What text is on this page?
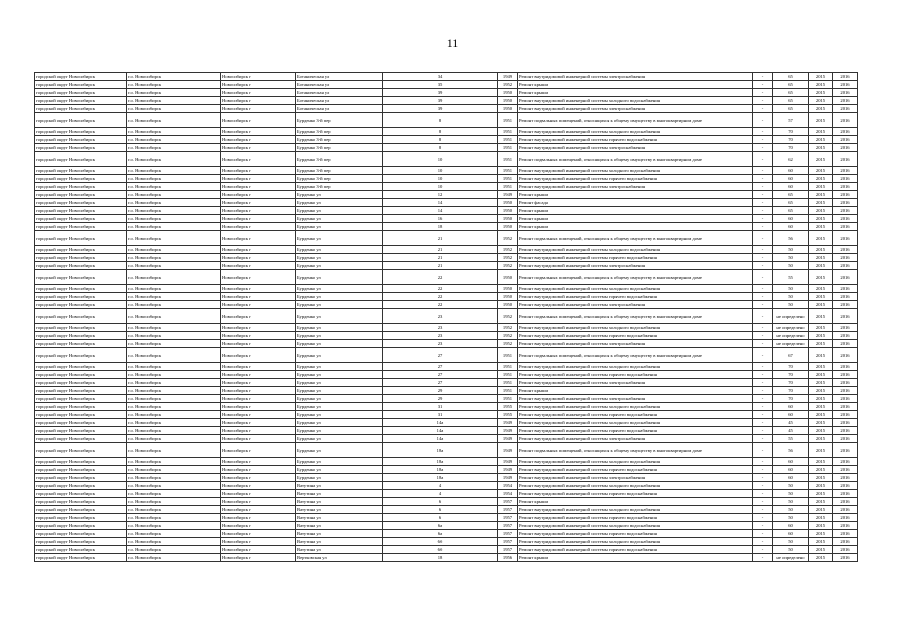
11
городской округ Новосибирск	г.о. Новосибирск	Новосибирск г	Ботаническая ул	34	1949	Ремонт внутридомовой инженерной системы электроснабжения	-	65	2015	2016
городской округ Новосибирск	г.о. Новосибирск	Новосибирск г	Ботаническая ул	35	1952	Ремонт крыши	-	65	2015	2016
городской округ Новосибирск	г.о. Новосибирск	Новосибирск г	Ботаническая ул	39	1950	Ремонт крыши	-	65	2015	2016
городской округ Новосибирск	г.о. Новосибирск	Новосибирск г	Ботаническая ул	39	1950	Ремонт внутридомовой инженерной системы холодного водоснабжения	-	65	2015	2016
городской округ Новосибирск	г.о. Новосибирск	Новосибирск г	Ботаническая ул	39	1950	Ремонт внутридомовой инженерной системы электроснабжения	-	65	2015	2016
городской округ Новосибирск	г.о. Новосибирск	Новосибирск г	Бурденко 3-й пер	8	1951	Ремонт подвальных помещений, относящихся к общему имуществу в многоквартирном доме	-	57	2015	2016
городской округ Новосибирск	г.о. Новосибирск	Новосибирск г	Бурденко 3-й пер	8	1951	Ремонт внутридомовой инженерной системы холодного водоснабжения	-	70	2015	2016
городской округ Новосибирск	г.о. Новосибирск	Новосибирск г	Бурденко 3-й пер	8	1951	Ремонт внутридомовой инженерной системы горячего водоснабжения	-	70	2015	2016
городской округ Новосибирск	г.о. Новосибирск	Новосибирск г	Бурденко 3-й пер	8	1951	Ремонт внутридомовой инженерной системы электроснабжения	-	70	2015	2016
городской округ Новосибирск	г.о. Новосибирск	Новосибирск г	Бурденко 3-й пер	10	1951	Ремонт подвальных помещений, относящихся к общему имуществу в многоквартирном доме	-	62	2015	2016
городской округ Новосибирск	г.о. Новосибирск	Новосибирск г	Бурденко 3-й пер	10	1951	Ремонт внутридомовой инженерной системы холодного водоснабжения	-	60	2015	2016
городской округ Новосибирск	г.о. Новосибирск	Новосибирск г	Бурденко 3-й пер	10	1951	Ремонт внутридомовой инженерной системы горячего водоснабжения	-	60	2015	2016
городской округ Новосибирск	г.о. Новосибирск	Новосибирск г	Бурденко 3-й пер	10	1951	Ремонт внутридомовой инженерной системы электроснабжения	-	60	2015	2016
городской округ Новосибирск	г.о. Новосибирск	Новосибирск г	Бурденко ул	12	1949	Ремонт крыши	-	65	2015	2016
городской округ Новосибирск	г.о. Новосибирск	Новосибирск г	Бурденко ул	14	1950	Ремонт фасада	-	65	2015	2016
городской округ Новосибирск	г.о. Новосибирск	Новосибирск г	Бурденко ул	14	1950	Ремонт крыши	-	65	2015	2016
городской округ Новосибирск	г.о. Новосибирск	Новосибирск г	Бурденко ул	16	1950	Ремонт крыши	-	60	2015	2016
городской округ Новосибирск	г.о. Новосибирск	Новосибирск г	Бурденко ул	18	1950	Ремонт крыши	-	60	2015	2016
городской округ Новосибирск	г.о. Новосибирск	Новосибирск г	Бурденко ул	21	1952	Ремонт подвальных помещений, относящихся к общему имуществу в многоквартирном доме	-	56	2015	2016
городской округ Новосибирск	г.о. Новосибирск	Новосибирск г	Бурденко ул	21	1952	Ремонт внутридомовой инженерной системы холодного водоснабжения	-	50	2015	2016
городской округ Новосибирск	г.о. Новосибирск	Новосибирск г	Бурденко ул	21	1952	Ремонт внутридомовой инженерной системы горячего водоснабжения	-	50	2015	2016
городской округ Новосибирск	г.о. Новосибирск	Новосибирск г	Бурденко ул	21	1952	Ремонт внутридомовой инженерной системы электроснабжения	-	50	2015	2016
городской округ Новосибирск	г.о. Новосибирск	Новосибирск г	Бурденко ул	22	1950	Ремонт подвальных помещений, относящихся к общему имуществу в многоквартирном доме	-	55	2015	2016
городской округ Новосибирск	г.о. Новосибирск	Новосибирск г	Бурденко ул	22	1950	Ремонт внутридомовой инженерной системы холодного водоснабжения	-	50	2015	2016
городской округ Новосибирск	г.о. Новосибирск	Новосибирск г	Бурденко ул	22	1950	Ремонт внутридомовой инженерной системы горячего водоснабжения	-	50	2015	2016
городской округ Новосибирск	г.о. Новосибирск	Новосибирск г	Бурденко ул	22	1950	Ремонт внутридомовой инженерной системы электроснабжения	-	50	2015	2016
городской округ Новосибирск	г.о. Новосибирск	Новосибирск г	Бурденко ул	23	1952	Ремонт подвальных помещений, относящихся к общему имуществу в многоквартирном доме	-	не определено	2015	2016
городской округ Новосибирск	г.о. Новосибирск	Новосибирск г	Бурденко ул	23	1952	Ремонт внутридомовой инженерной системы холодного водоснабжения	-	не определено	2015	2016
городской округ Новосибирск	г.о. Новосибирск	Новосибирск г	Бурденко ул	23	1952	Ремонт внутридомовой инженерной системы горячего водоснабжения	-	не определено	2015	2016
городской округ Новосибирск	г.о. Новосибирск	Новосибирск г	Бурденко ул	23	1952	Ремонт внутридомовой инженерной системы электроснабжения	-	не определено	2015	2016
городской округ Новосибирск	г.о. Новосибирск	Новосибирск г	Бурденко ул	27	1951	Ремонт подвальных помещений, относящихся к общему имуществу в многоквартирном доме	-	67	2015	2016
городской округ Новосибирск	г.о. Новосибирск	Новосибирск г	Бурденко ул	27	1951	Ремонт внутридомовой инженерной системы холодного водоснабжения	-	70	2015	2016
городской округ Новосибирск	г.о. Новосибирск	Новосибирск г	Бурденко ул	27	1951	Ремонт внутридомовой инженерной системы горячего водоснабжения	-	70	2015	2016
городской округ Новосибирск	г.о. Новосибирск	Новосибирск г	Бурденко ул	27	1951	Ремонт внутридомовой инженерной системы электроснабжения	-	70	2015	2016
городской округ Новосибирск	г.о. Новосибирск	Новосибирск г	Бурденко ул	29	1951	Ремонт крыши	-	70	2015	2016
городской округ Новосибирск	г.о. Новосибирск	Новосибирск г	Бурденко ул	29	1951	Ремонт внутридомовой инженерной системы электроснабжения	-	70	2015	2016
городской округ Новосибирск	г.о. Новосибирск	Новосибирск г	Бурденко ул	31	1955	Ремонт внутридомовой инженерной системы холодного водоснабжения	-	60	2015	2016
городской округ Новосибирск	г.о. Новосибирск	Новосибирск г	Бурденко ул	31	1955	Ремонт внутридомовой инженерной системы горячего водоснабжения	-	60	2015	2016
городской округ Новосибирск	г.о. Новосибирск	Новосибирск г	Бурденко ул	14а	1949	Ремонт внутридомовой инженерной системы холодного водоснабжения	-	45	2015	2016
городской округ Новосибирск	г.о. Новосибирск	Новосибирск г	Бурденко ул	14а	1949	Ремонт внутридомовой инженерной системы горячего водоснабжения	-	45	2015	2016
городской округ Новосибирск	г.о. Новосибирск	Новосибирск г	Бурденко ул	14а	1949	Ремонт внутридомовой инженерной системы электроснабжения	-	55	2015	2016
городской округ Новосибирск	г.о. Новосибирск	Новосибирск г	Бурденко ул	18а	1949	Ремонт подвальных помещений, относящихся к общему имуществу в многоквартирном доме	-	56	2015	2016
городской округ Новосибирск	г.о. Новосибирск	Новосибирск г	Бурденко ул	18а	1949	Ремонт внутридомовой инженерной системы холодного водоснабжения	-	60	2015	2016
городской округ Новосибирск	г.о. Новосибирск	Новосибирск г	Бурденко ул	18а	1949	Ремонт внутридомовой инженерной системы горячего водоснабжения	-	60	2015	2016
городской округ Новосибирск	г.о. Новосибирск	Новосибирск г	Бурденко ул	18а	1949	Ремонт внутридомовой инженерной системы электроснабжения	-	60	2015	2016
городской округ Новосибирск	г.о. Новосибирск	Новосибирск г	Ватутина ул	4	1954	Ремонт внутридомовой инженерной системы холодного водоснабжения	-	50	2015	2016
городской округ Новосибирск	г.о. Новосибирск	Новосибирск г	Ватутина ул	4	1954	Ремонт внутридомовой инженерной системы горячего водоснабжения	-	50	2015	2016
городской округ Новосибирск	г.о. Новосибирск	Новосибирск г	Ватутина ул	6	1957	Ремонт крыши	-	50	2015	2016
городской округ Новосибирск	г.о. Новосибирск	Новосибирск г	Ватутина ул	6	1957	Ремонт внутридомовой инженерной системы холодного водоснабжения	-	50	2015	2016
городской округ Новосибирск	г.о. Новосибирск	Новосибирск г	Ватутина ул	6	1957	Ремонт внутридомовой инженерной системы горячего водоснабжения	-	50	2015	2016
городской округ Новосибирск	г.о. Новосибирск	Новосибирск г	Ватутина ул	6а	1957	Ремонт внутридомовой инженерной системы холодного водоснабжения	-	60	2015	2016
городской округ Новосибирск	г.о. Новосибирск	Новосибирск г	Ватутина ул	6а	1957	Ремонт внутридомовой инженерной системы горячего водоснабжения	-	60	2015	2016
городской округ Новосибирск	г.о. Новосибирск	Новосибирск г	Ватутина ул	6б	1957	Ремонт внутридомовой инженерной системы холодного водоснабжения	-	50	2015	2016
городской округ Новосибирск	г.о. Новосибирск	Новосибирск г	Ватутина ул	6б	1957	Ремонт внутридомовой инженерной системы горячего водоснабжения	-	50	2015	2016
городской округ Новосибирск	г.о. Новосибирск	Новосибирск г	Вертковская ул	18	1956	Ремонт крыши	-	не определено	2015	2016
